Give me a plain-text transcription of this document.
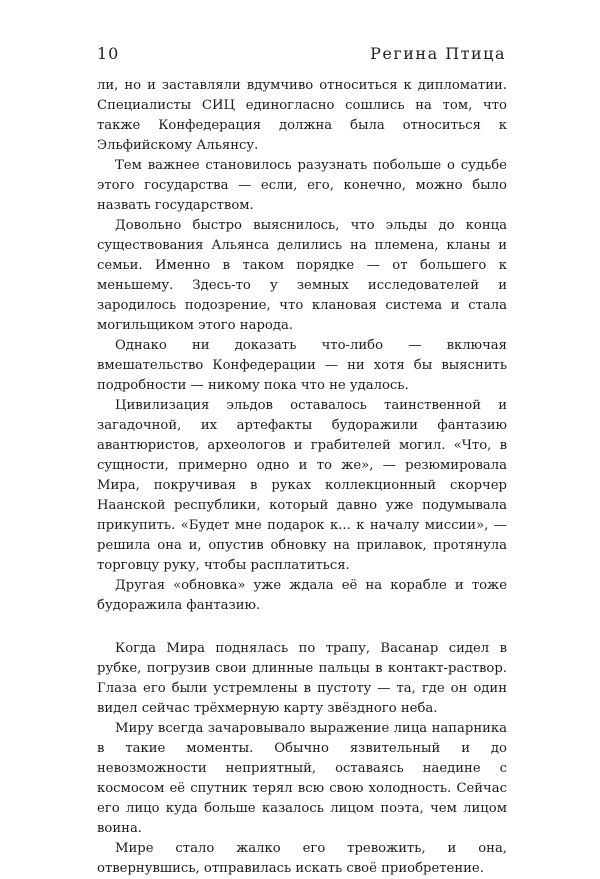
10	Регина Птица

ли, но и заставляли вдумчиво относиться к дипломатии. Специалисты СИЦ единогласно сошлись на том, что также Конфедерация должна была относиться к Эльфийскому Альянсу.

Тем важнее становилось разузнать побольше о судьбе этого государства — если, его, конечно, можно было назвать государством.

Довольно быстро выяснилось, что эльды до конца существования Альянса делились на племена, кланы и семьи. Именно в таком порядке — от большего к меньшему. Здесь-то у земных исследователей и зародилось подозрение, что клановая система и стала могильщиком этого народа.

Однако ни доказать что-либо — включая вмешательство Конфедерации — ни хотя бы выяснить подробности — никому пока что не удалось.

Цивилизация эльдов оставалось таинственной и загадочной, их артефакты будоражили фантазию авантюристов, археологов и грабителей могил. «Что, в сущности, примерно одно и то же», — резюмировала Мира, покручивая в руках коллекционный скорчер Наанской республики, который давно уже подумывала прикупить. «Будет мне подарок к... к началу миссии», — решила она и, опустив обновку на прилавок, протянула торговцу руку, чтобы расплатиться.

Другая «обновка» уже ждала её на корабле и тоже будоражила фантазию.

Когда Мира поднялась по трапу, Васанар сидел в рубке, погрузив свои длинные пальцы в контакт-раствор. Глаза его были устремлены в пустоту — та, где он один видел сейчас трёхмерную карту звёздного неба.

Миру всегда зачаровывало выражение лица напарника в такие моменты. Обычно язвительный и до невозможности неприятный, оставаясь наедине с космосом её спутник терял всю свою холодность. Сейчас его лицо куда больше казалось лицом поэта, чем лицом воина.

Мире стало жалко его тревожить, и она, отвернувшись, отправилась искать своё приобретение.
